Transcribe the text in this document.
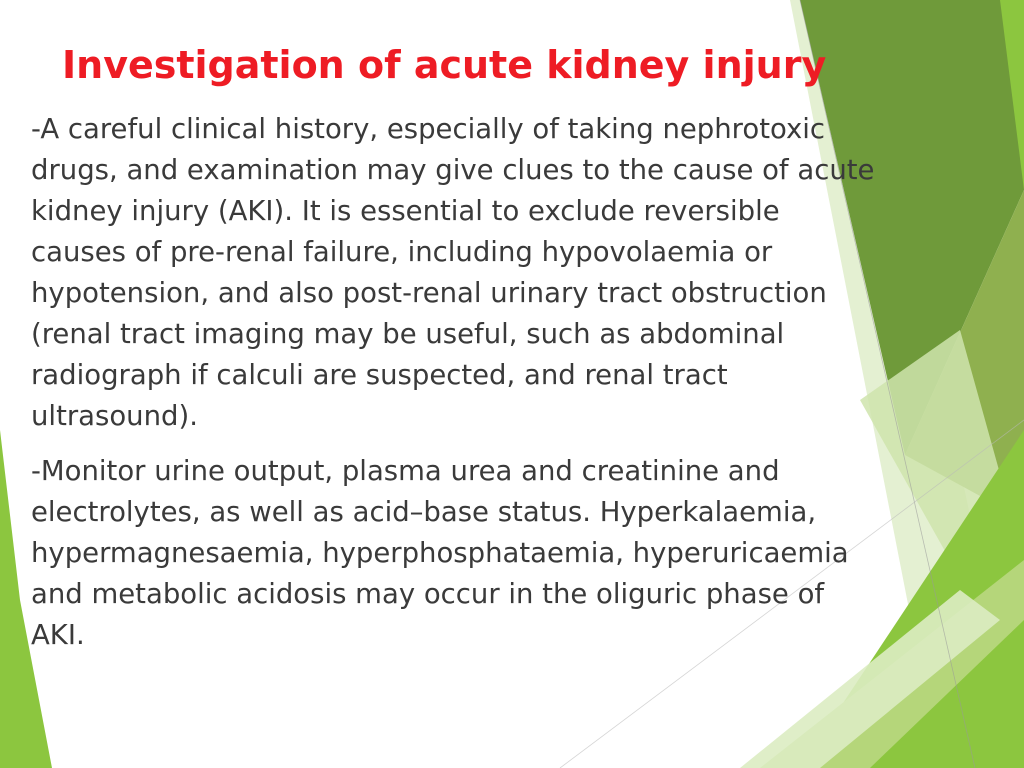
Investigation of acute kidney injury

-A careful clinical history, especially of taking nephrotoxic
drugs, and examination may give clues to the cause of acute
kidney injury (AKI). It is essential to exclude reversible
causes of pre-renal failure, including hypovolaemia or
hypotension, and also post-renal urinary tract obstruction
(renal tract imaging may be useful, such as abdominal
radiograph if calculi are suspected, and renal tract
ultrasound).

-Monitor urine output, plasma urea and creatinine and
electrolytes, as well as acid–base status. Hyperkalaemia,
hypermagnesaemia, hyperphosphataemia, hyperuricaemia
and metabolic acidosis may occur in the oliguric phase of
AKI.
